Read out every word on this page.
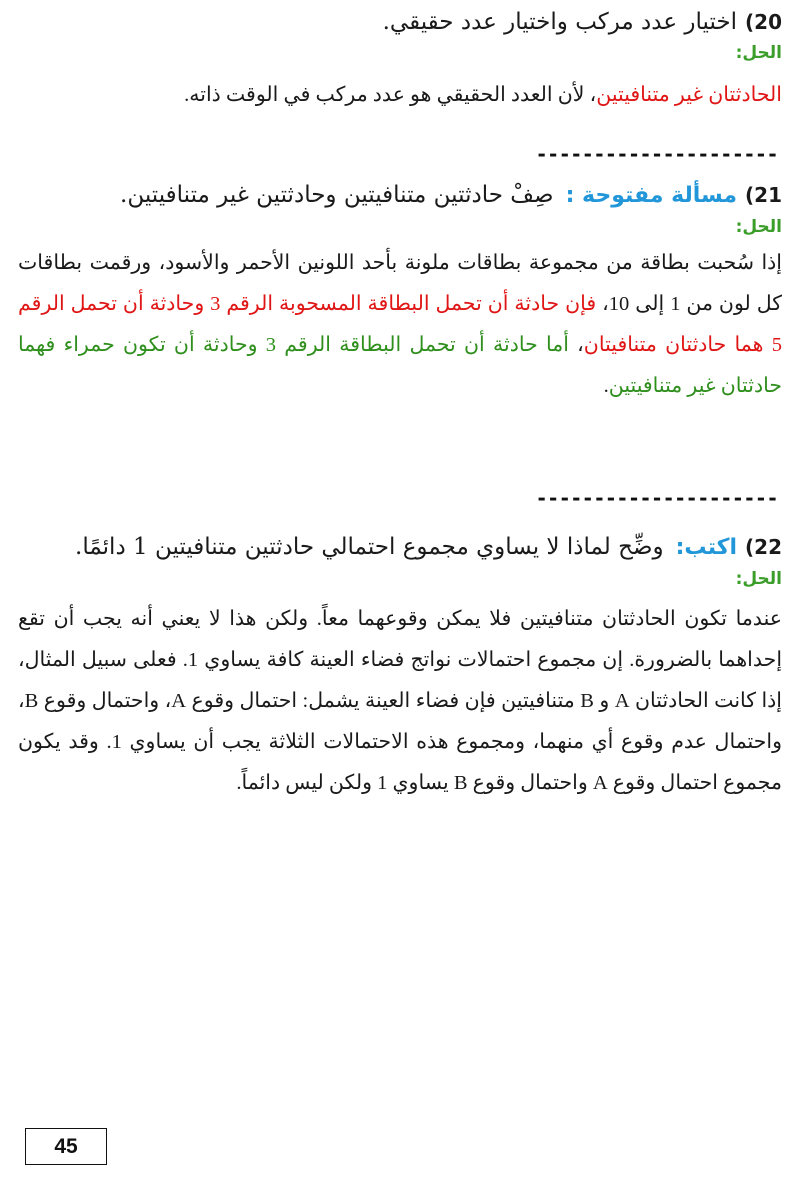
20)اختيار عدد مركب واختيار عدد حقيقي.

الحل:

الحادثتان غير متنافيتين، لأن العدد الحقيقي هو عدد مركب في الوقت ذاته.

---------------------

21)مسألة مفتوحة :صِفْ حادثتين متنافيتين وحادثتين غير متنافيتين.

الحل:

إذا سُحبت بطاقة من مجموعة بطاقات ملونة بأحد اللونين الأحمر والأسود، ورقمت بطاقات كل لون من 1 إلى 10، فإن حادثة أن تحمل البطاقة المسحوبة الرقم 3 وحادثة أن تحمل الرقم 5 هما حادثتان متنافيتان، أما حادثة أن تحمل البطاقة الرقم 3 وحادثة أن تكون حمراء فهما حادثتان غير متنافيتين.

---------------------

22)اكتب:وضِّح لماذا لا يساوي مجموع احتمالي حادثتين متنافيتين 1 دائمًا.

الحل:

عندما تكون الحادثتان متنافيتين فلا يمكن وقوعهما معاً. ولكن هذا لا يعني أنه يجب أن تقع إحداهما بالضرورة. إن مجموع احتمالات نواتج فضاء العينة كافة يساوي 1. فعلى سبيل المثال، إذا كانت الحادثتان A و B متنافيتين فإن فضاء العينة يشمل: احتمال وقوع A، واحتمال وقوع B، واحتمال عدم وقوع أي منهما، ومجموع هذه الاحتمالات الثلاثة يجب أن يساوي 1. وقد يكون مجموع احتمال وقوع A واحتمال وقوع B يساوي 1 ولكن ليس دائماً.

45
